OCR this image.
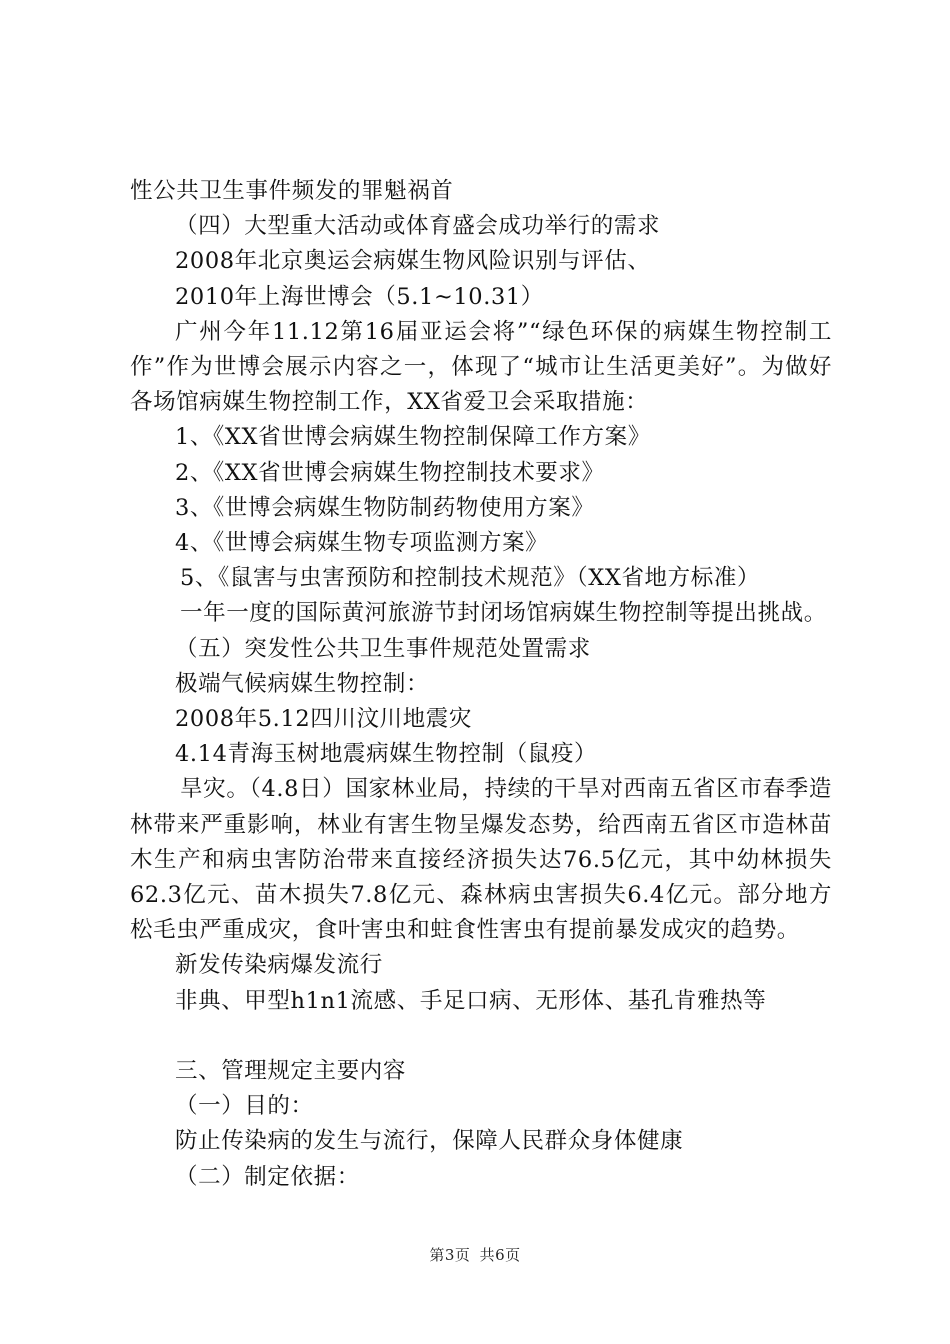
性公共卫生事件频发的罪魁祸首

（四）大型重大活动或体育盛会成功举行的需求

2008年北京奥运会病媒生物风险识别与评估、

2010年上海世博会（5.1~10.31）

广州今年11.12第16届亚运会将”“绿色环保的病媒生物控制工作”作为世博会展示内容之一，体现了“城市让生活更美好”。为做好各场馆病媒生物控制工作，XX省爱卫会采取措施：

1、《XX省世博会病媒生物控制保障工作方案》

2、《XX省世博会病媒生物控制技术要求》

3、《世博会病媒生物防制药物使用方案》

4、《世博会病媒生物专项监测方案》

5、《鼠害与虫害预防和控制技术规范》（XX省地方标准）

一年一度的国际黄河旅游节封闭场馆病媒生物控制等提出挑战。

（五）突发性公共卫生事件规范处置需求

极端气候病媒生物控制：

2008年5.12四川汶川地震灾

4.14青海玉树地震病媒生物控制（鼠疫）

旱灾。（4.8日）国家林业局，持续的干旱对西南五省区市春季造林带来严重影响，林业有害生物呈爆发态势，给西南五省区市造林苗木生产和病虫害防治带来直接经济损失达76.5亿元，其中幼林损失62.3亿元、苗木损失7.8亿元、森林病虫害损失6.4亿元。部分地方松毛虫严重成灾，食叶害虫和蛀食性害虫有提前暴发成灾的趋势。

新发传染病爆发流行

非典、甲型h1n1流感、手足口病、无形体、基孔肯雅热等

三、管理规定主要内容

（一）目的：

防止传染病的发生与流行，保障人民群众身体健康

（二）制定依据：

第3页 共6页
